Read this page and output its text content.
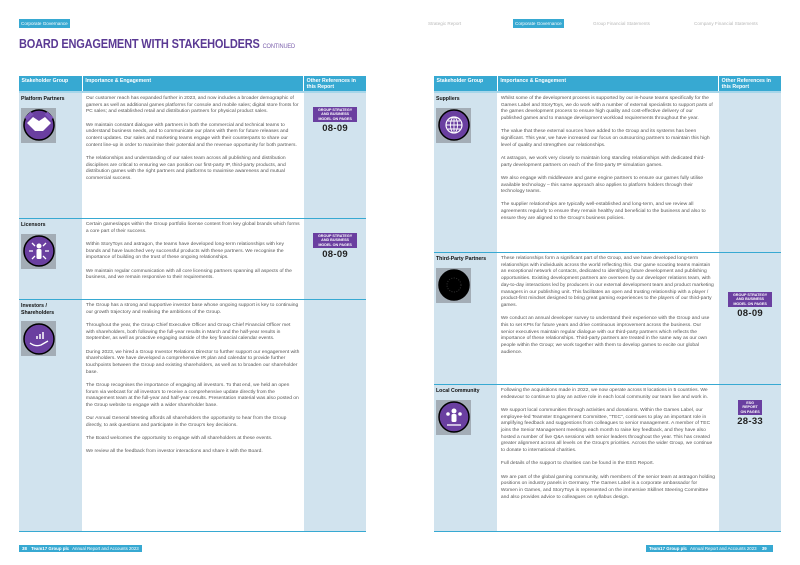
Corporate Governance	Corporate Governance	Group Financial Statements	Company Financial Statements
Strategic Report
BOARD ENGAGEMENT WITH STAKEHOLDERS CONTINUED
Stakeholder Group	Importance & Engagement	Other References in this Report
Platform Partners	Our customer reach has expanded further in 2023, and now includes a broader demographic of gamers as well as additional games platforms for console and mobile sales; digital store fronts for PC sales; and established retail and distribution partners for physical product sales.

We maintain constant dialogue with partners in both the commercial and technical teams to understand business needs, and to communicate our plans with them for future releases and content updates. Our sales and marketing teams engage with their counterparts to share our content line-up in order to maximise their potential and the revenue opportunity for both partners.

The relationships and understanding of our sales team across all publishing and distribution disciplines are critical to ensuring we can position our first-party IP, third-party products, and distribution games with the right partners and platforms to maximise awareness and mutual commercial success.

GROUP STRATEGY AND BUSINESS MODEL ON PAGES
08-09
Licensors	Certain games/apps within the Group portfolio license content from key global brands which forms a core part of their success.

Within StoryToys and astragon, the teams have developed long-term relationships with key brands and have launched very successful products with these partners. We recognise the importance of building on the trust of these ongoing relationships.

We maintain regular communication with all core licensing partners spanning all aspects of the business, and we remain responsive to their requirements.

GROUP STRATEGY AND BUSINESS MODEL ON PAGES
08-09
Investors / Shareholders

The Group has a strong and supportive investor base whose ongoing support is key to continuing our growth trajectory and realising the ambitions of the Group.

Throughout the year, the Group Chief Executive Officer and Group Chief Financial Officer met with shareholders, both following the full-year results in March and the half-year results in September, as well as proactive engaging outside of the key financial calendar events.

During 2023, we hired a Group Investor Relations Director to further support our engagement with shareholders. We have developed a comprehensive IR plan and calendar to provide further touchpoints between the Group and existing shareholders, as well as to broaden our shareholder base.

The Group recognises the importance of engaging all investors. To that end, we held an open forum via webcast for all investors to receive a comprehensive update directly from the management team at the full-year and half-year results. Presentation material was also posted on the Group website to engage with a wider shareholder base.

Our Annual General Meeting affords all shareholders the opportunity to hear from the Group directly, to ask questions and participate in the Group's key decisions.

The Board welcomes the opportunity to engage with all shareholders at these events.

We review all the feedback from investor interactions and share it with the Board.

Stakeholder Group	Importance & Engagement	Other References in this Report
Suppliers	Whilst some of the development process is supported by our in-house teams specifically for the Games Label and StoryToys, we do work with a number of external specialists to support parts of the games development process to ensure high quality and cost-effective delivery of our published games and to manage development workload requirements throughout the year.

The value that these external sources have added to the Group and its systems has been significant. This year, we have increased our focus on outsourcing partners to maintain this high level of quality and strengthen our relationships.

At astragon, we work very closely to maintain long standing relationships with dedicated third-party development partners on each of the first-party IP simulation games.

We also engage with middleware and game engine partners to ensure our games fully utilise available technology – this same approach also applies to platform holders through their technology teams.

The supplier relationships are typically well-established and long-term, and we review all agreements regularly to ensure they remain healthy and beneficial to the business and also to ensure they are aligned to the Group's business policies.

Third-Party Partners	These relationships form a significant part of the Group, and we have developed long-term relationships with individuals across the world reflecting this. Our game scouting teams maintain an exceptional network of contacts, dedicated to identifying future development and publishing opportunities. Existing development partners are overseen by our developer relations team, with day-to-day interactions led by producers in our external development team and product marketing managers in our publishing unit. This facilitates an open and trusting relationship with a player / product-first mindset designed to bring great gaming experiences to the players of our third-party games.

We conduct an annual developer survey to understand their experience with the Group and use this to set KPIs for future years and drive continuous improvement across the business. Our senior executives maintain regular dialogue with our third-party partners which reflects the importance of these relationships. Third-party partners are treated in the same way as our own people within the Group; we work together with them to develop games to excite our global audience.

GROUP STRATEGY AND BUSINESS MODEL ON PAGES
08-09
Local Community	Following the acquisitions made in 2022, we now operate across 8 locations in 5 countries. We endeavour to continue to play an active role in each local community our team live and work in.

We support local communities through activities and donations. Within the Games Label, our employee-led Teamster Engagement Committee, "TEC", continues to play an important role in amplifying feedback and suggestions from colleagues to senior management. A member of TEC joins the Senior Management meetings each month to raise key feedback, and they have also hosted a number of live Q&A sessions with senior leaders throughout the year. This has created greater alignment across all levels on the Group's priorities. Across the wider Group, we continue to donate to international charities.

Full details of the support to charities can be found in the ESG Report.

We are part of the global gaming community, with members of the senior team at astragon holding positions on industry panels in Germany. The Games Label is a corporate ambassador for Women in Games, and StoryToys is represented on the immersive Skillnet Steering Committee and also provides advice to colleagues on syllabus design.

ESG REPORT ON PAGES
28-33
38 Team17 Group plc Annual Report and Accounts 2023	Team17 Group plc Annual Report and Accounts 2023 39
